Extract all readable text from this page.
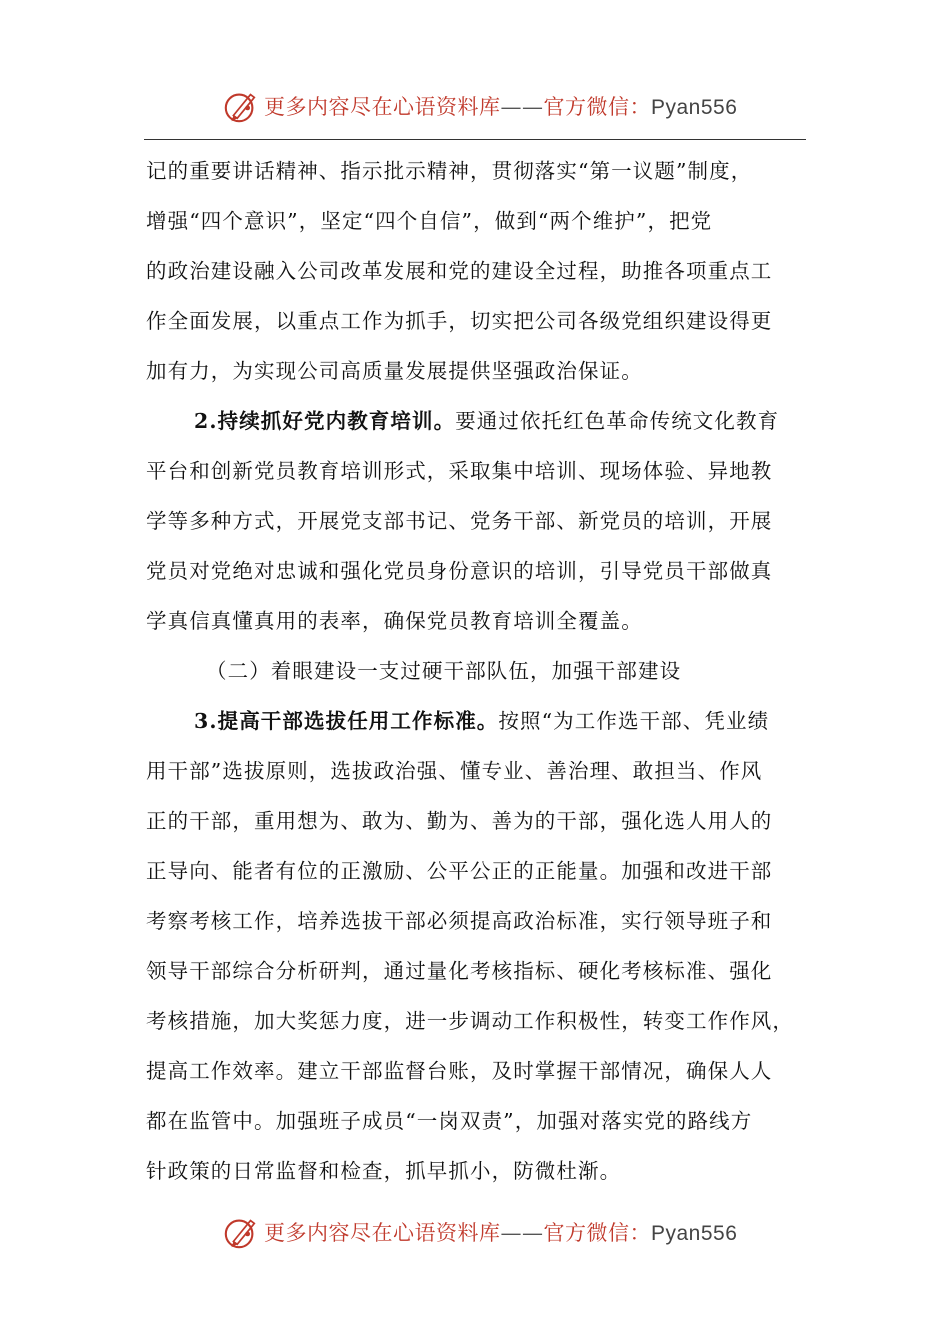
更多内容尽在心语资料库——官方微信：Pyan556
记的重要讲话精神、指示批示精神，贯彻落实“第一议题”制度，
增强“四个意识”，坚定“四个自信”，做到“两个维护”，把党
的政治建设融入公司改革发展和党的建设全过程，助推各项重点工
作全面发展，以重点工作为抓手，切实把公司各级党组织建设得更
加有力，为实现公司高质量发展提供坚强政治保证。
2.持续抓好党内教育培训。要通过依托红色革命传统文化教育
平台和创新党员教育培训形式，采取集中培训、现场体验、异地教
学等多种方式，开展党支部书记、党务干部、新党员的培训，开展
党员对党绝对忠诚和强化党员身份意识的培训，引导党员干部做真
学真信真懂真用的表率，确保党员教育培训全覆盖。
（二）着眼建设一支过硬干部队伍，加强干部建设
3.提高干部选拔任用工作标准。按照“为工作选干部、凭业绩
用干部”选拔原则，选拔政治强、懂专业、善治理、敢担当、作风
正的干部，重用想为、敢为、勤为、善为的干部，强化选人用人的
正导向、能者有位的正激励、公平公正的正能量。加强和改进干部
考察考核工作，培养选拔干部必须提高政治标准，实行领导班子和
领导干部综合分析研判，通过量化考核指标、硬化考核标准、强化
考核措施，加大奖惩力度，进一步调动工作积极性，转变工作作风，
提高工作效率。建立干部监督台账，及时掌握干部情况，确保人人
都在监管中。加强班子成员“一岗双责”，加强对落实党的路线方
针政策的日常监督和检查，抓早抓小，防微杜渐。
更多内容尽在心语资料库——官方微信：Pyan556
